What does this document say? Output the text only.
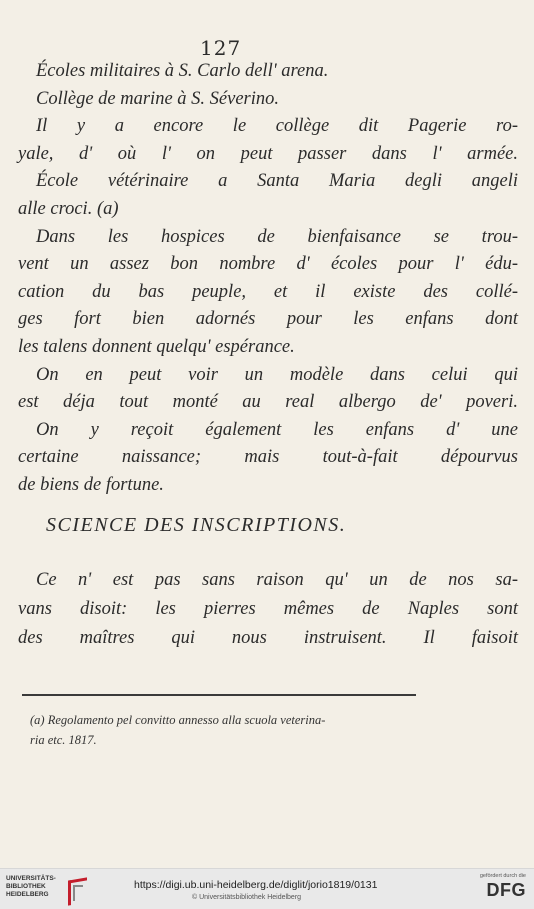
127
Écoles militaires à S. Carlo dell' arena.
Collège de marine à S. Séverino.
Il y a encore le collège dit Pagerie ro-
yale, d' où l' on peut passer dans l' armée.
École vétérinaire a Santa Maria degli angeli
alle croci. (a)
Dans les hospices de bienfaisance se trou-
vent un assez bon nombre d' écoles pour l' édu-
cation du bas peuple, et il existe des collé-
ges fort bien adornés pour les enfans dont
les talens donnent quelqu' espérance.
On en peut voir un modèle dans celui qui
est déja tout monté au real albergo de' poveri.
On y reçoit également les enfans d' une
certaine naissance; mais tout-à-fait dépourvus
de biens de fortune.
SCIENCE DES INSCRIPTIONS.
Ce n' est pas sans raison qu' un de nos sa-
vans disoit: les pierres mêmes de Naples sont
des maîtres qui nous instruisent. Il faisoit
(a) Regolamento pel convitto annesso alla scuola veterina-
ria etc. 1817.
UNIVERSITÄTS-
BIBLIOTHEK
HEIDELBERG
https://digi.ub.uni-heidelberg.de/diglit/jorio1819/0131
© Universitätsbibliothek Heidelberg
gefördert durch die
DFG
